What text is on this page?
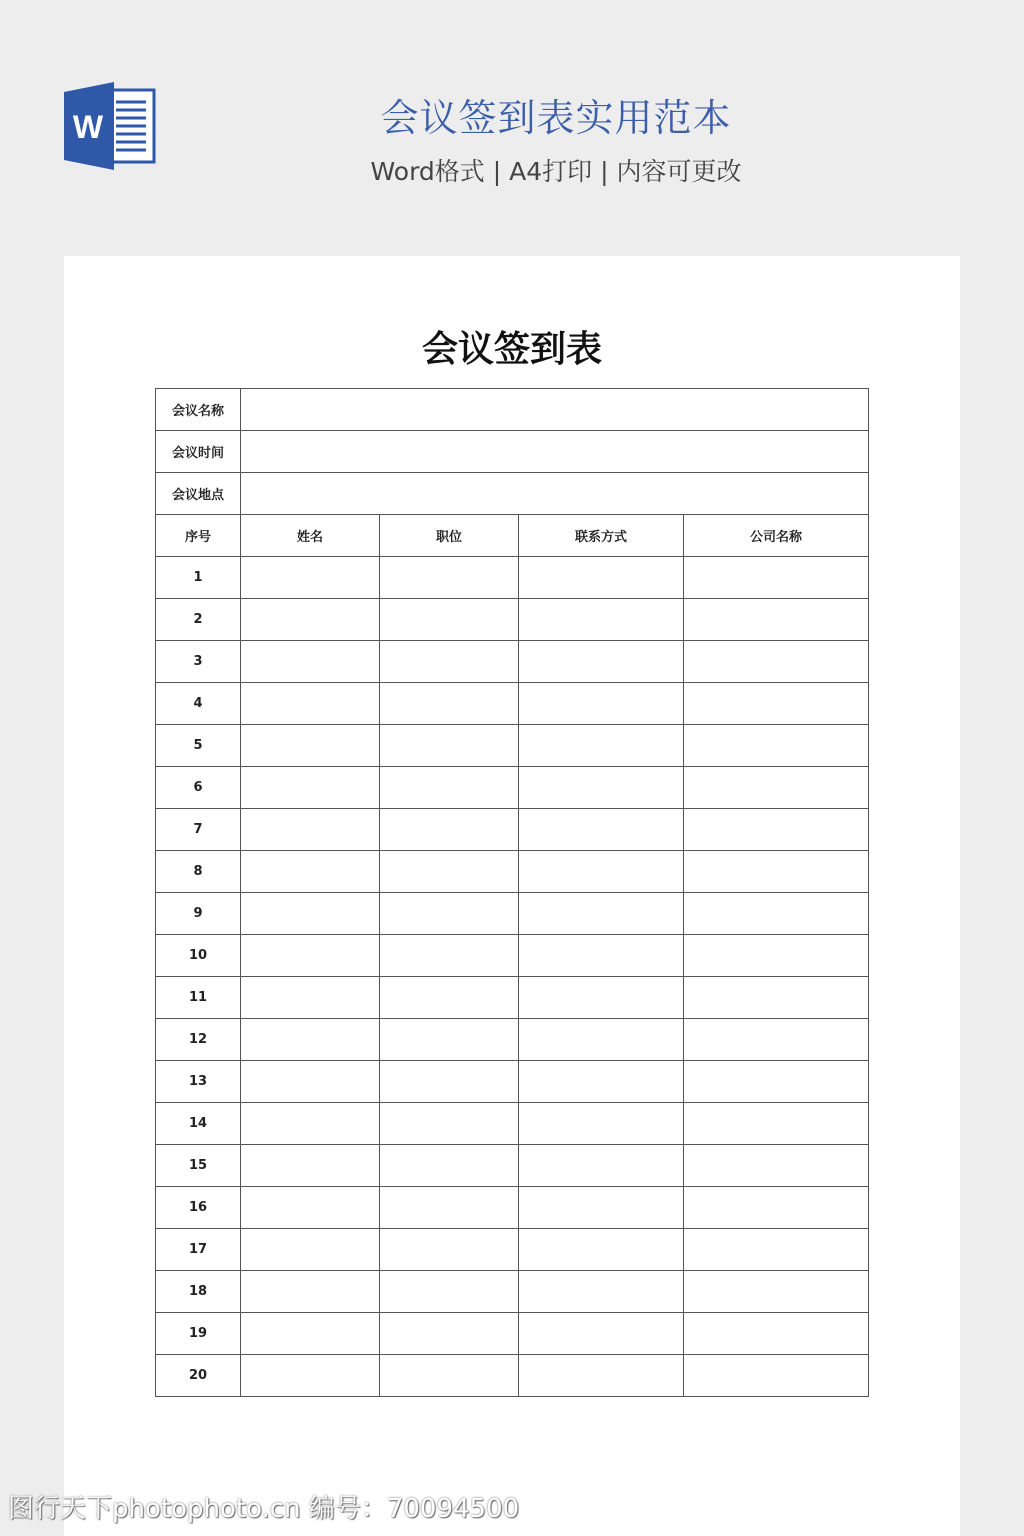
W	会议签到表实用范本
Word格式 | A4打印 | 内容可更改
会议签到表
会议名称				
会议时间				
会议地点				
序号	姓名	职位	联系方式	公司名称
1				
2				
3				
4				
5				
6				
7				
8				
9				
10				
11				
12				
13				
14				
15				
16				
17				
18				
19				
20				
图行天下photophoto.cn 编号：70094500
